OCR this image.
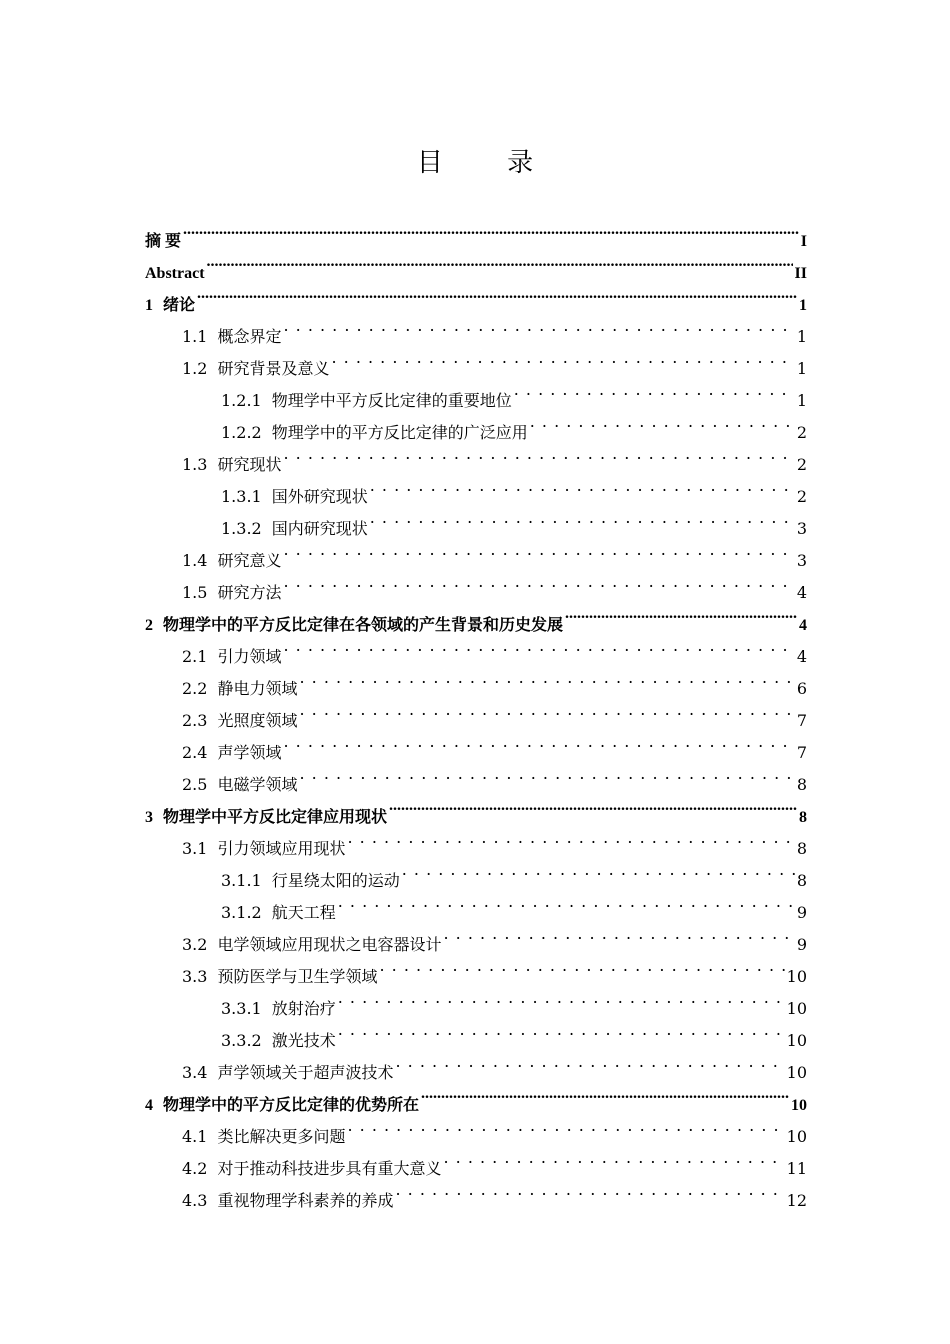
目 录
摘 要 .....	I
Abstract .....	II
1 绪论 .....	1
1.1 概念界定 . . .	1
1.2 研究背景及意义 . . .	1
1.2.1 物理学中平方反比定律的重要地位 . . .	1
1.2.2 物理学中的平方反比定律的广泛应用 . . .	2
1.3 研究现状 . . .	2
1.3.1 国外研究现状 . . .	2
1.3.2 国内研究现状 . . .	3
1.4 研究意义 . . .	3
1.5 研究方法 . . .	4
2 物理学中的平方反比定律在各领域的产生背景和历史发展 .....	4
2.1 引力领域 . . .	4
2.2 静电力领域 . . .	6
2.3 光照度领域 . . .	7
2.4 声学领域 . . .	7
2.5 电磁学领域 . . .	8
3 物理学中平方反比定律应用现状 .....	8
3.1 引力领域应用现状 . . .	8
3.1.1 行星绕太阳的运动 . . .	8
3.1.2 航天工程 . . .	9
3.2 电学领域应用现状之电容器设计 . . .	9
3.3 预防医学与卫生学领域 . . .	10
3.3.1 放射治疗 . . .	10
3.3.2 激光技术 . . .	10
3.4 声学领域关于超声波技术 . . .	10
4 物理学中的平方反比定律的优势所在 .....	10
4.1 类比解决更多问题 . . .	10
4.2 对于推动科技进步具有重大意义 . . .	11
4.3 重视物理学科素养的养成 . . .	12
